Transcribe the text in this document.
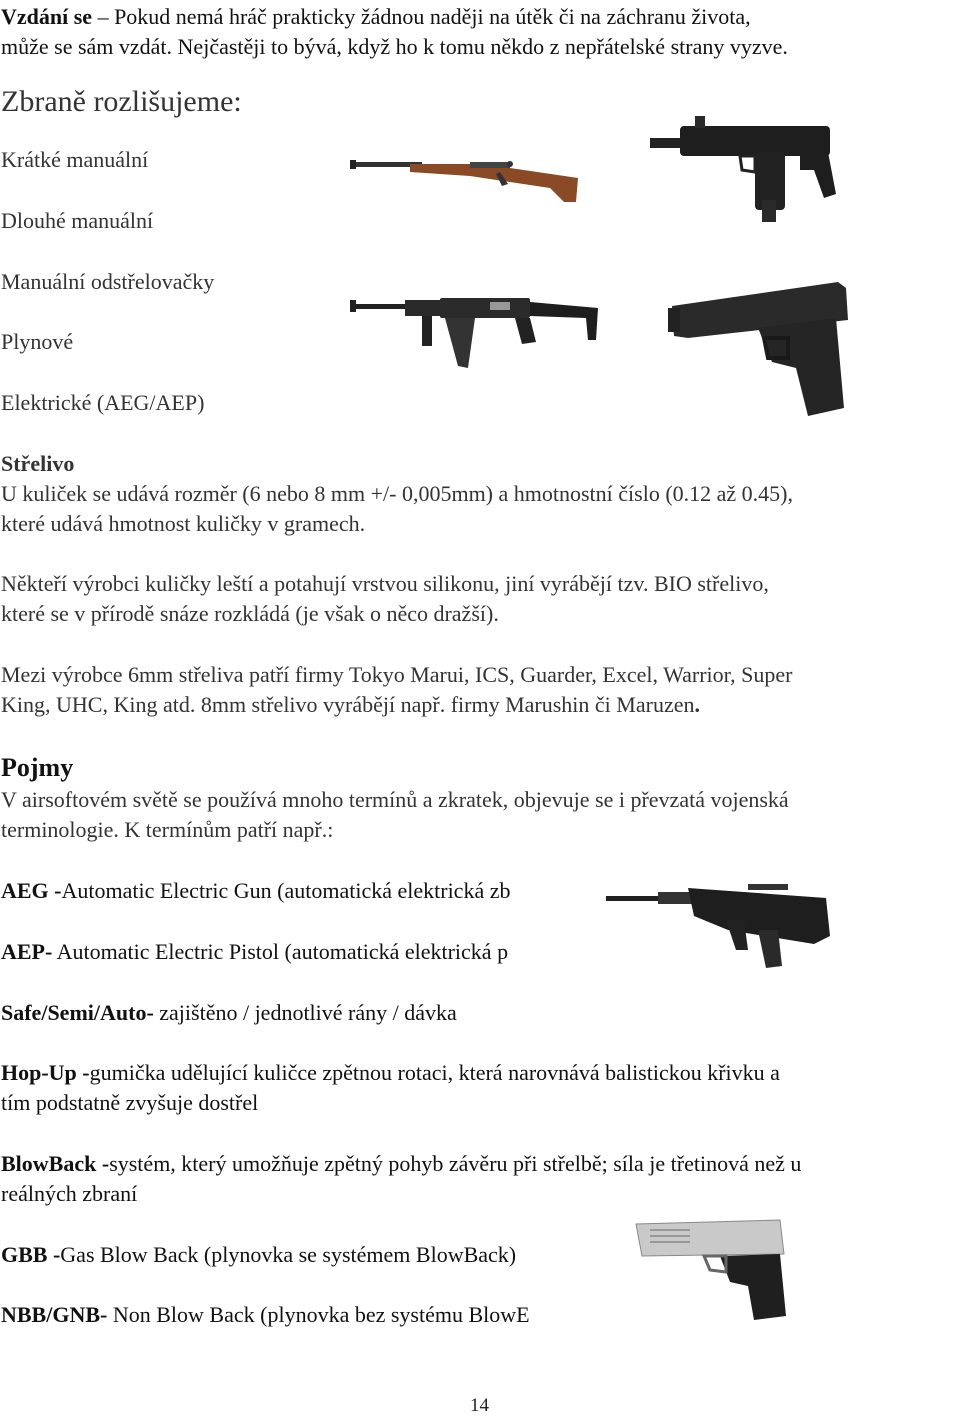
Vzdání se – Pokud nemá hráč prakticky žádnou naději na útěk či na záchranu života,
může se sám vzdát. Nejčastěji to bývá, když ho k tomu někdo z nepřátelské strany vyzve.
Zbraně rozlišujeme:
Krátké manuální
Dlouhé manuální
Manuální odstřelovačky
Plynové
Elektrické (AEG/AEP)
Střelivo
U kuliček se udává rozměr (6 nebo 8 mm +/- 0,005mm) a hmotnostní číslo (0.12 až 0.45),
které udává hmotnost kuličky v gramech.
Někteří výrobci kuličky leští a potahují vrstvou silikonu, jiní vyrábějí tzv. BIO střelivo,
které se v přírodě snáze rozkládá (je však o něco dražší).
Mezi výrobce 6mm střeliva patří firmy Tokyo Marui, ICS, Guarder, Excel, Warrior, Super
King, UHC, King atd. 8mm střelivo vyrábějí např. firmy Marushin či Maruzen.
Pojmy
V airsoftovém světě se používá mnoho termínů a zkratek, objevuje se i převzatá vojenská
terminologie. K termínům patří např.:
AEG -Automatic Electric Gun (automatická elektrická zb
AEP- Automatic Electric Pistol (automatická elektrická p
Safe/Semi/Auto- zajištěno / jednotlivé rány / dávka
Hop-Up -gumička udělující kuličce zpětnou rotaci, která narovnává balistickou křivku a
tím podstatně zvyšuje dostřel
BlowBack -systém, který umožňuje zpětný pohyb závěru při střelbě; síla je třetinová než u
reálných zbraní
GBB -Gas Blow Back (plynovka se systémem BlowBack)
NBB/GNB- Non Blow Back (plynovka bez systému BlowE
14
